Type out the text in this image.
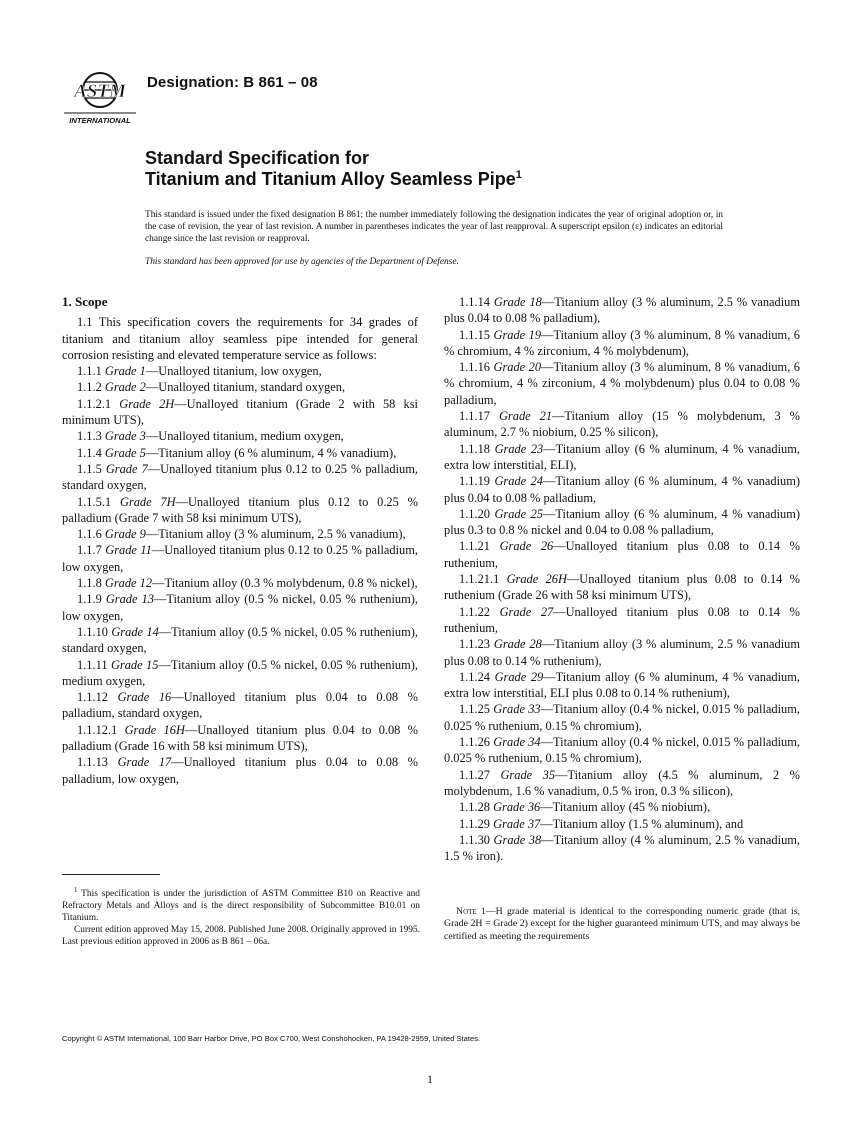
ASTM
INTERNATIONAL
Designation: B 861 – 08
Standard Specification for
Titanium and Titanium Alloy Seamless Pipe$^1$
This standard is issued under the fixed designation B 861; the number immediately following the designation indicates the year of original adoption or, in the case of revision, the year of last revision. A number in parentheses indicates the year of last reapproval. A superscript epsilon (ε) indicates an editorial change since the last revision or reapproval.
This standard has been approved for use by agencies of the Department of Defense.

1. Scope

1.1 This specification covers the requirements for 34 grades of titanium and titanium alloy seamless pipe intended for general corrosion resisting and elevated temperature service as follows:

1.1.1 Grade 1—Unalloyed titanium, low oxygen,

1.1.2 Grade 2—Unalloyed titanium, standard oxygen,

1.1.2.1 Grade 2H—Unalloyed titanium (Grade 2 with 58 ksi minimum UTS),

1.1.3 Grade 3—Unalloyed titanium, medium oxygen,

1.1.4 Grade 5—Titanium alloy (6 % aluminum, 4 % vanadium),

1.1.5 Grade 7—Unalloyed titanium plus 0.12 to 0.25 % palladium, standard oxygen,

1.1.5.1 Grade 7H—Unalloyed titanium plus 0.12 to 0.25 % palladium (Grade 7 with 58 ksi minimum UTS),

1.1.6 Grade 9—Titanium alloy (3 % aluminum, 2.5 % vanadium),

1.1.7 Grade 11—Unalloyed titanium plus 0.12 to 0.25 % palladium, low oxygen,

1.1.8 Grade 12—Titanium alloy (0.3 % molybdenum, 0.8 % nickel),

1.1.9 Grade 13—Titanium alloy (0.5 % nickel, 0.05 % ruthenium), low oxygen,

1.1.10 Grade 14—Titanium alloy (0.5 % nickel, 0.05 % ruthenium), standard oxygen,

1.1.11 Grade 15—Titanium alloy (0.5 % nickel, 0.05 % ruthenium), medium oxygen,

1.1.12 Grade 16—Unalloyed titanium plus 0.04 to 0.08 % palladium, standard oxygen,

1.1.12.1 Grade 16H—Unalloyed titanium plus 0.04 to 0.08 % palladium (Grade 16 with 58 ksi minimum UTS),

1.1.13 Grade 17—Unalloyed titanium plus 0.04 to 0.08 % palladium, low oxygen,

1.1.14 Grade 18—Titanium alloy (3 % aluminum, 2.5 % vanadium plus 0.04 to 0.08 % palladium),

1.1.15 Grade 19—Titanium alloy (3 % aluminum, 8 % vanadium, 6 % chromium, 4 % zirconium, 4 % molybdenum),

1.1.16 Grade 20—Titanium alloy (3 % aluminum, 8 % vanadium, 6 % chromium, 4 % zirconium, 4 % molybdenum) plus 0.04 to 0.08 % palladium,

1.1.17 Grade 21—Titanium alloy (15 % molybdenum, 3 % aluminum, 2.7 % niobium, 0.25 % silicon),

1.1.18 Grade 23—Titanium alloy (6 % aluminum, 4 % vanadium, extra low interstitial, ELI),

1.1.19 Grade 24—Titanium alloy (6 % aluminum, 4 % vanadium) plus 0.04 to 0.08 % palladium,

1.1.20 Grade 25—Titanium alloy (6 % aluminum, 4 % vanadium) plus 0.3 to 0.8 % nickel and 0.04 to 0.08 % palladium,

1.1.21 Grade 26—Unalloyed titanium plus 0.08 to 0.14 % ruthenium,

1.1.21.1 Grade 26H—Unalloyed titanium plus 0.08 to 0.14 % ruthenium (Grade 26 with 58 ksi minimum UTS),

1.1.22 Grade 27—Unalloyed titanium plus 0.08 to 0.14 % ruthenium,

1.1.23 Grade 28—Titanium alloy (3 % aluminum, 2.5 % vanadium plus 0.08 to 0.14 % ruthenium),

1.1.24 Grade 29—Titanium alloy (6 % aluminum, 4 % vanadium, extra low interstitial, ELI plus 0.08 to 0.14 % ruthenium),

1.1.25 Grade 33—Titanium alloy (0.4 % nickel, 0.015 % palladium, 0.025 % ruthenium, 0.15 % chromium),

1.1.26 Grade 34—Titanium alloy (0.4 % nickel, 0.015 % palladium, 0.025 % ruthenium, 0.15 % chromium),

1.1.27 Grade 35—Titanium alloy (4.5 % aluminum, 2 % molybdenum, 1.6 % vanadium, 0.5 % iron, 0.3 % silicon),

1.1.28 Grade 36—Titanium alloy (45 % niobium),

1.1.29 Grade 37—Titanium alloy (1.5 % aluminum), and

1.1.30 Grade 38—Titanium alloy (4 % aluminum, 2.5 % vanadium, 1.5 % iron).

$^1$ This specification is under the jurisdiction of ASTM Committee B10 on Reactive and Refractory Metals and Alloys and is the direct responsibility of Subcommittee B10.01 on Titanium.

Current edition approved May 15, 2008. Published June 2008. Originally approved in 1995. Last previous edition approved in 2006 as B 861 – 06a.

Note 1—H grade material is identical to the corresponding numeric grade (that is, Grade 2H = Grade 2) except for the higher guaranteed minimum UTS, and may always be certified as meeting the requirements
Copyright © ASTM International, 100 Barr Harbor Drive, PO Box C700, West Conshohocken, PA 19428-2959, United States.
1
